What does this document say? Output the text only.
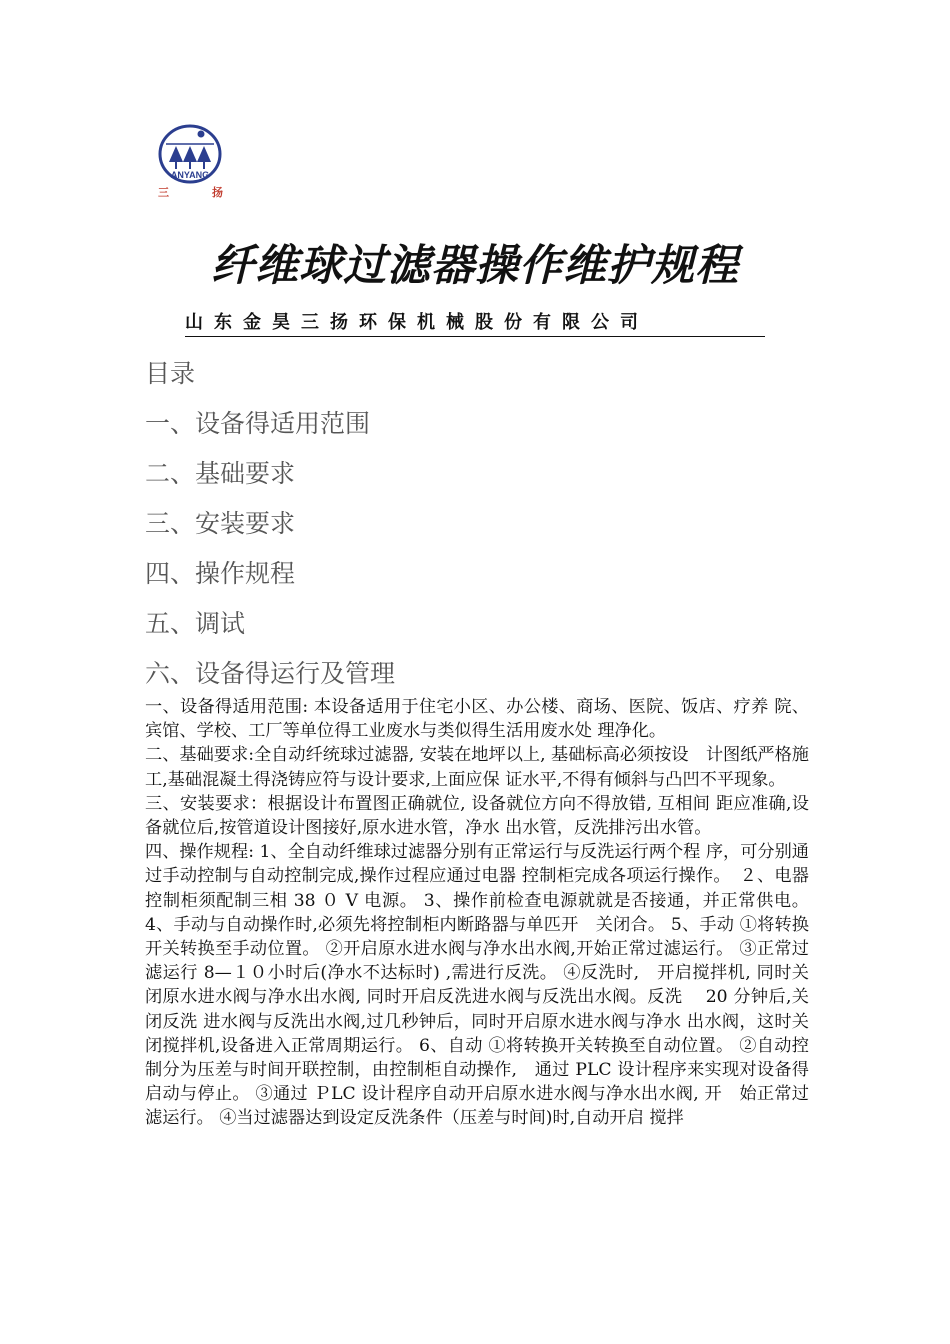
ANYANG
三	扬
纤维球过滤器操作维护规程
山东金昊三扬环保机械股份有限公司
目录
一、设备得适用范围
二、基础要求
三、安装要求
四、操作规程
五、调试
六、设备得运行及管理

一、设备得适用范围: 本设备适用于住宅小区、办公楼、商场、医院、饭店、疗养 院、宾馆、学校、工厂等单位得工业废水与类似得生活用废水处 理净化。

二、基础要求:全自动纤统球过滤器, 安装在地坪以上, 基础标高必须按设　计图纸严格施工,基础混凝土得浇铸应符与设计要求,上面应保 证水平,不得有倾斜与凸凹不平现象。

三、安装要求：根据设计布置图正确就位, 设备就位方向不得放错, 互相间 距应准确,设备就位后,按管道设计图接好,原水进水管，净水 出水管，反洗排污出水管。

四、操作规程: 1、全自动纤维球过滤器分别有正常运行与反洗运行两个程 序，可分别通过手动控制与自动控制完成,操作过程应通过电器 控制柜完成各项运行操作。　２、电器控制柜须配制三相 38 ０ V 电源。 3、操作前检查电源就就是否接通，并正常供电。 4、手动与自动操作时,必须先将控制柜内断路器与单匹开　关闭合。 5、手动 ①将转换开关转换至手动位置。 ②开启原水进水阀与净水出水阀,开始正常过滤运行。 ③正常过滤运行 8—１０小时后(净水不达标时) ,需进行反洗。 ④反洗时,　开启搅拌机, 同时关闭原水进水阀与净水出水阀, 同时开启反洗进水阀与反洗出水阀。反洗　 20 分钟后,关闭反洗 进水阀与反洗出水阀,过几秒钟后，同时开启原水进水阀与净水 出水阀，这时关闭搅拌机,设备进入正常周期运行。 6、自动 ①将转换开关转换至自动位置。 ②自动控制分为压差与时间开联控制，由控制柜自动操作,　通过 PLC 设计程序来实现对设备得启动与停止。 ③通过 ＰLC 设计程序自动开启原水进水阀与净水出水阀, 开　始正常过滤运行。 ④当过滤器达到设定反洗条件（压差与时间)时,自动开启 搅拌
